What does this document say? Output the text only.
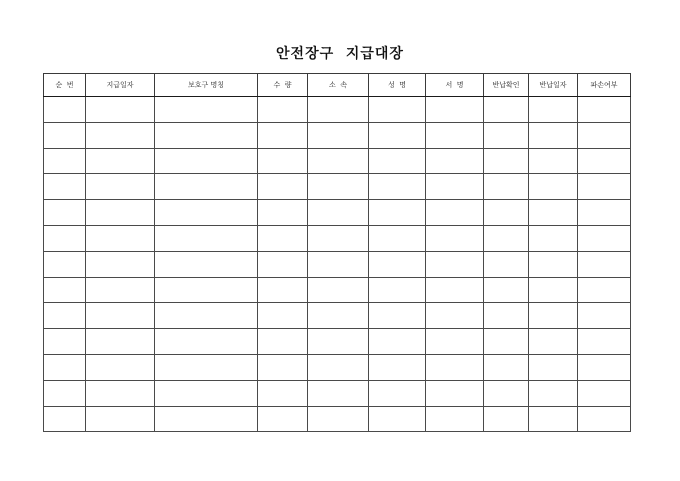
안전장구  지급대장
순  번	지급일자	보호구 명칭	수  량	소  속	성  명	서  명	반납확인	반납일자	파손여부
